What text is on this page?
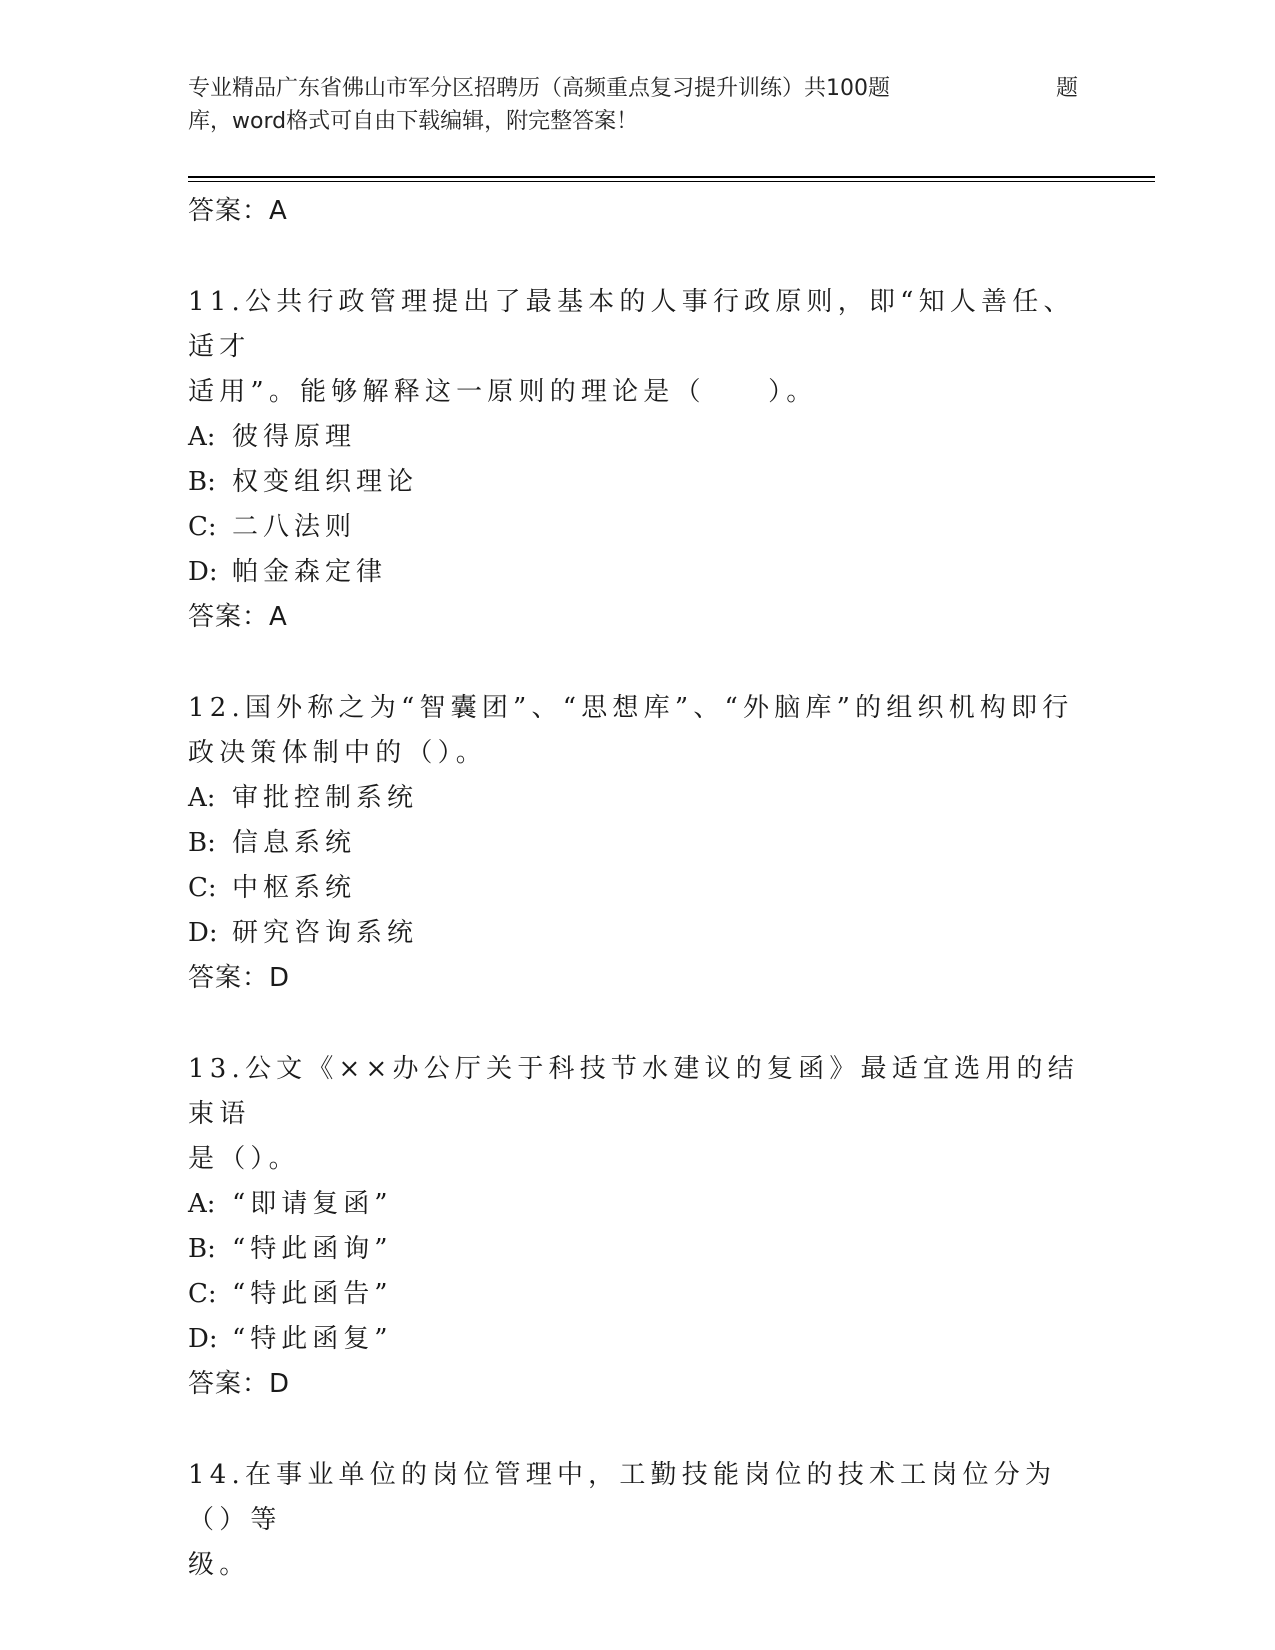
专业精品广东省佛山市军分区招聘历（高频重点复习提升训练）共100题	题
库，word格式可自由下载编辑，附完整答案！
答案：A
11.公共行政管理提出了最基本的人事行政原则，即“知人善任、适才
适用”。能够解释这一原则的理论是（　　）。
A: 彼得原理
B: 权变组织理论
C: 二八法则
D: 帕金森定律
答案：A
12.国外称之为“智囊团”、“思想库”、“外脑库”的组织机构即行
政决策体制中的（）。
A: 审批控制系统
B: 信息系统
C: 中枢系统
D: 研究咨询系统
答案：D
13.公文《××办公厅关于科技节水建议的复函》最适宜选用的结束语
是（）。
A: “即请复函”
B: “特此函询”
C: “特此函告”
D: “特此函复”
答案：D
14.在事业单位的岗位管理中，工勤技能岗位的技术工岗位分为（）等
级。
